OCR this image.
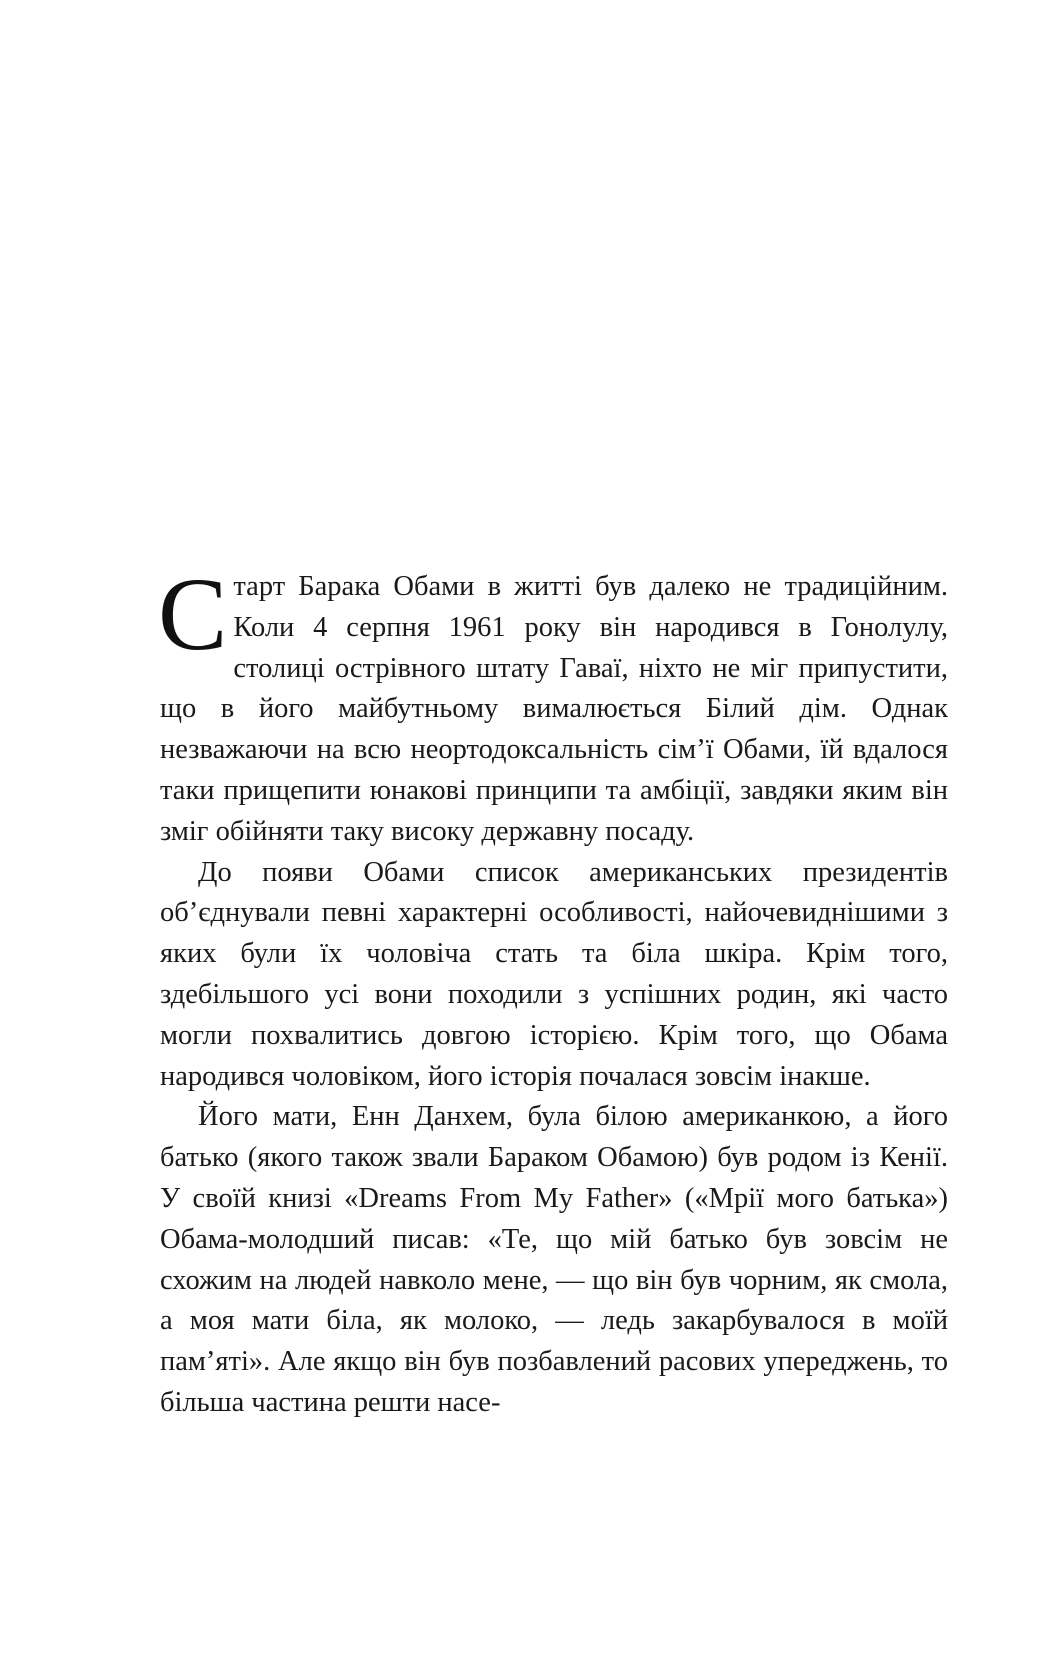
С тарт Барака Обами в житті був далеко не традиційним. Коли 4 серпня 1961 року він народився в Гонолулу, столиці острівного штату Гаваї, ніхто не міг припустити, що в його майбутньому вималюється Білий дім. Однак незважаючи на всю неортодоксальність сім’ї Обами, їй вдалося таки прищепити юнакові принципи та амбіції, завдяки яким він зміг обійняти таку високу державну посаду.

До появи Обами список американських президентів об’єднували певні характерні особливості, найочевиднішими з яких були їх чоловіча стать та біла шкіра. Крім того, здебільшого усі вони походили з успішних родин, які часто могли похвалитись довгою історією. Крім того, що Обама народився чоловіком, його історія почалася зовсім інакше.

Його мати, Енн Данхем, була білою американкою, а його батько (якого також звали Бараком Обамою) був родом із Кенії. У своїй книзі «Dreams From My Father» («Мрії мого батька») Обама-молодший писав: «Те, що мій батько був зовсім не схожим на людей навколо мене, — що він був чорним, як смола, а моя мати біла, як молоко, — ледь закарбувалося в моїй пам’яті». Але якщо він був позбавлений расових упереджень, то більша частина решти насе-
